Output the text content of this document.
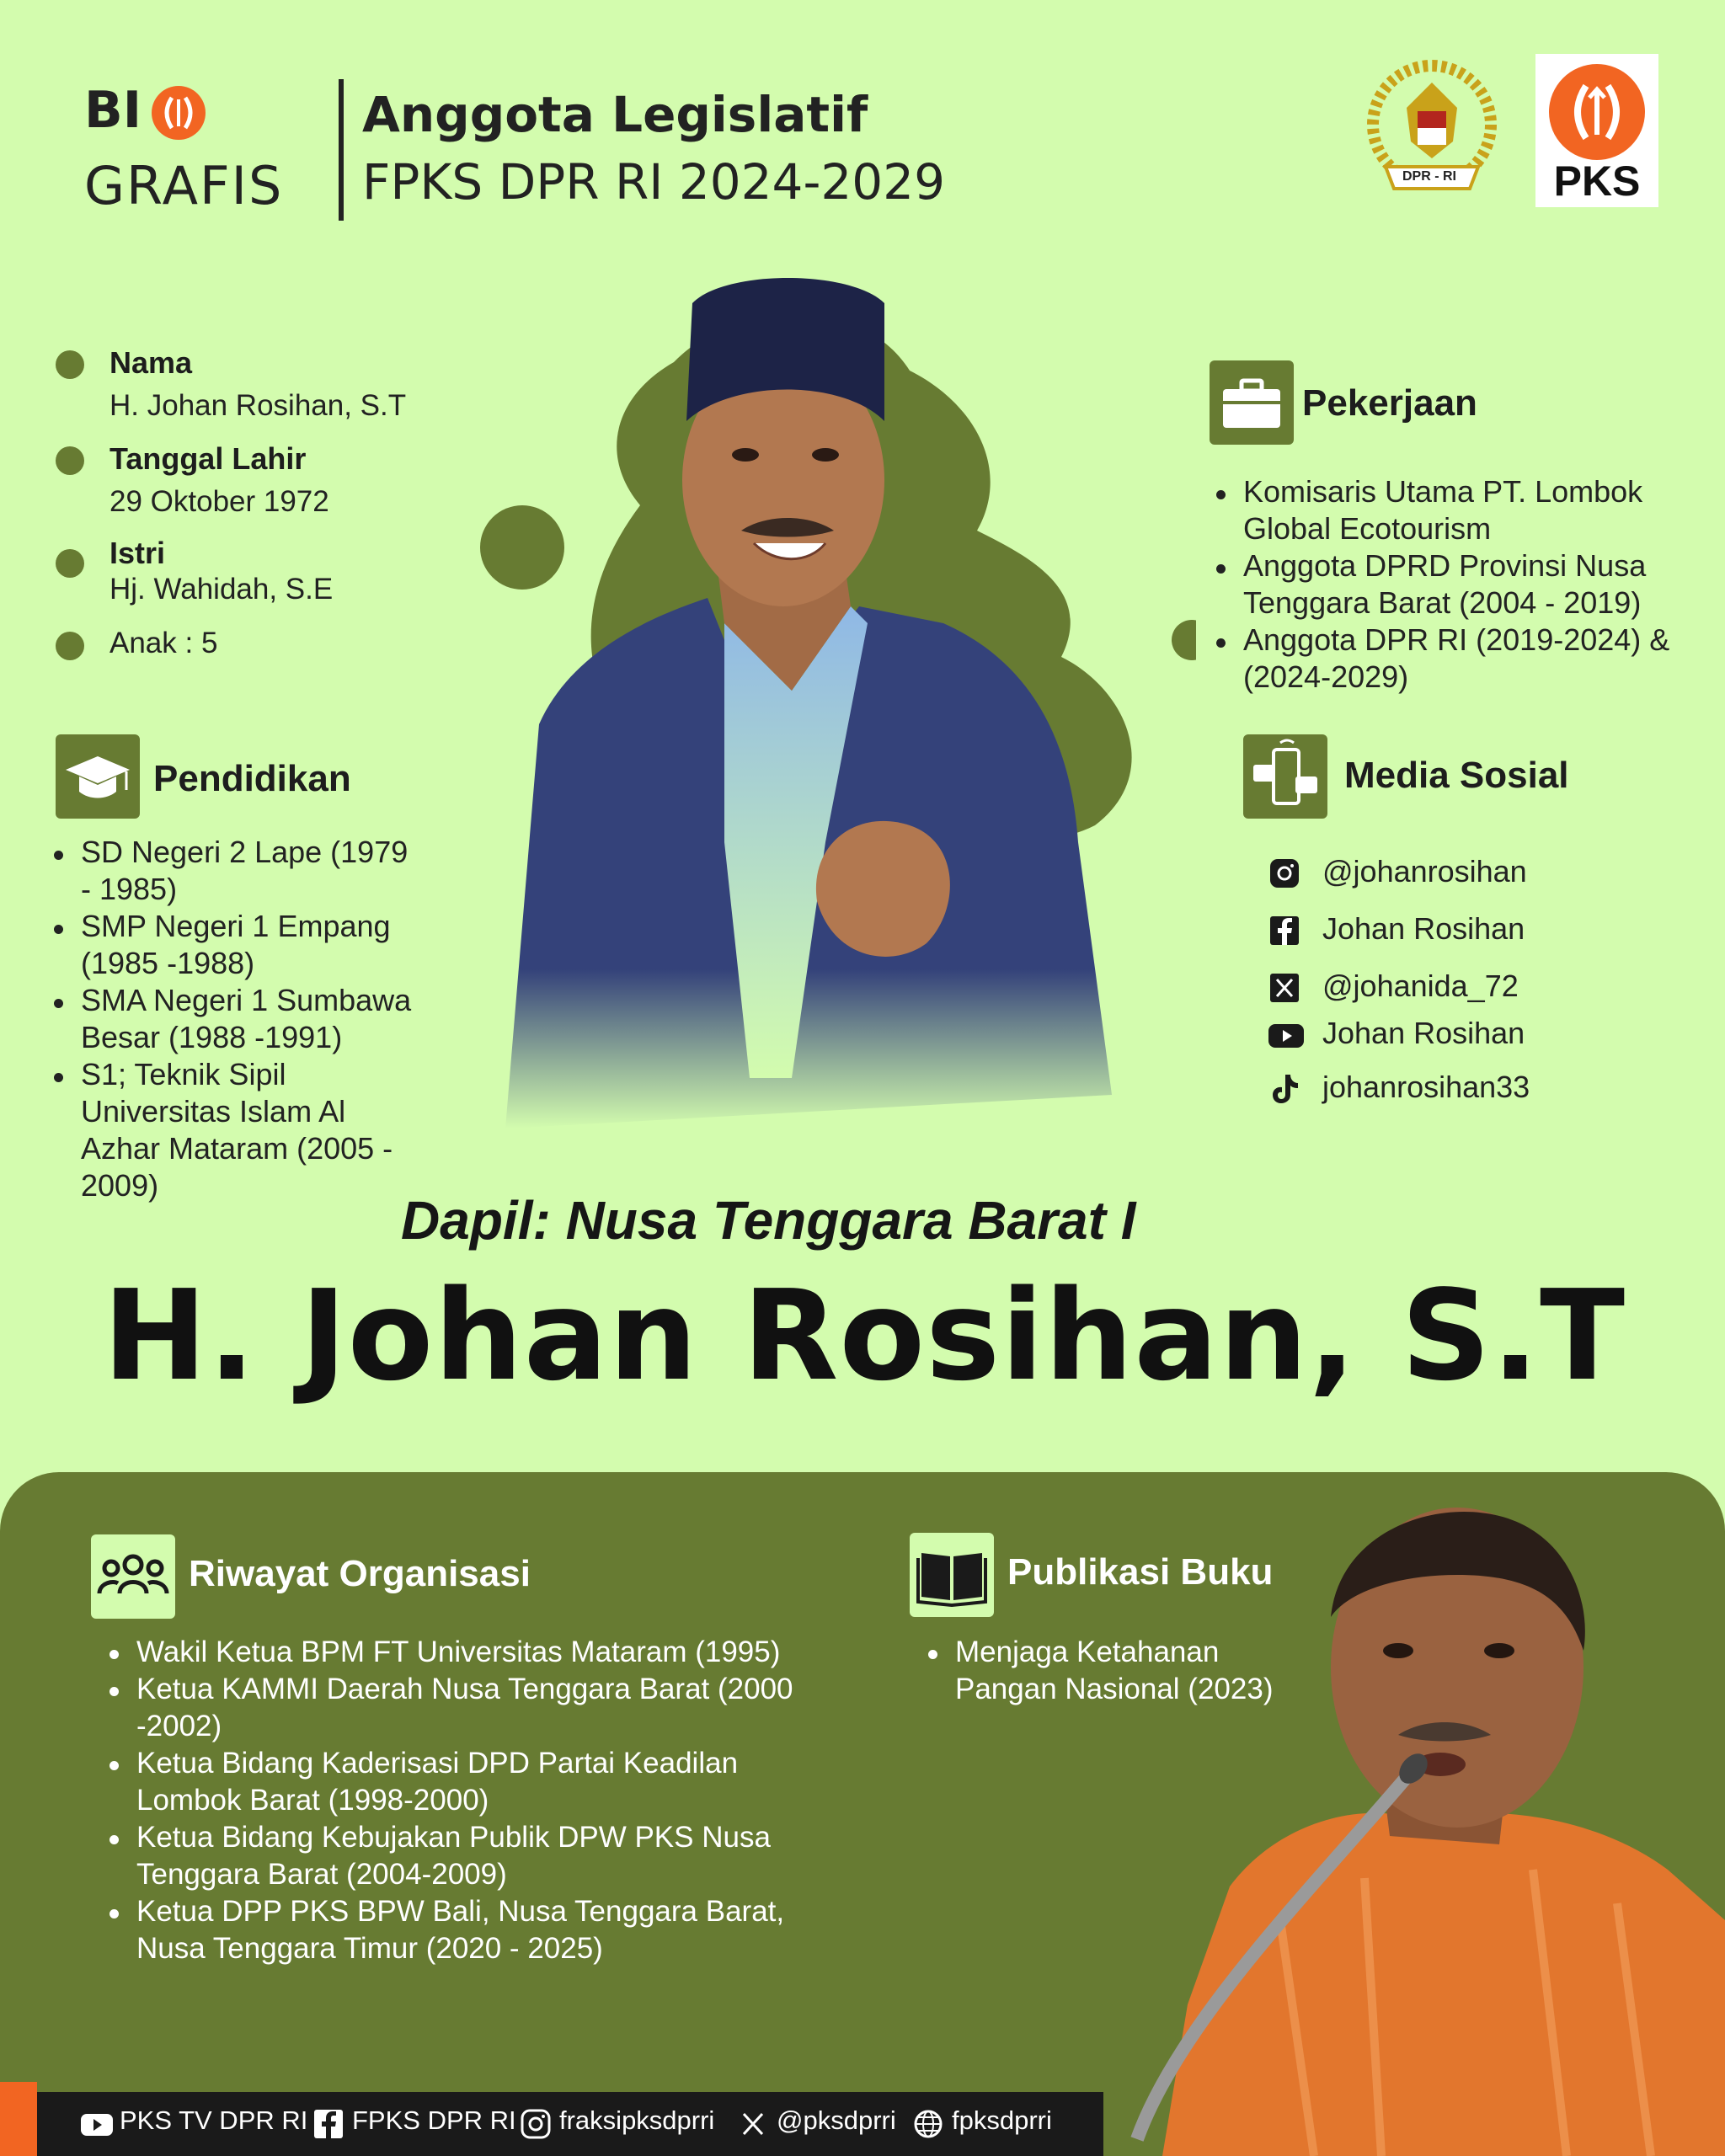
BI
GRAFIS
Anggota Legislatif
FPKS DPR RI 2024-2029	DPR - RI	PKS
Nama
H. Johan Rosihan, S.T
Tanggal Lahir
29 Oktober 1972
Istri
Hj. Wahidah, S.E
Anak : 5
Pendidikan
SD Negeri 2 Lape (1979 - 1985)
SMP Negeri 1 Empang (1985 -1988)
SMA Negeri 1 Sumbawa Besar (1988 -1991)
S1; Teknik Sipil Universitas Islam Al Azhar Mataram (2005 - 2009)
Pekerjaan
Komisaris Utama PT. Lombok Global Ecotourism
Anggota DPRD Provinsi Nusa Tenggara Barat (2004 - 2019)
Anggota DPR RI (2019-2024) & (2024-2029)
Media Sosial
@johanrosihan
Johan Rosihan
@johanida_72
Johan Rosihan
johanrosihan33
Dapil: Nusa Tenggara Barat I
H. Johan Rosihan, S.T
Riwayat Organisasi
Wakil Ketua BPM FT Universitas Mataram (1995)
Ketua KAMMI Daerah Nusa Tenggara Barat (2000 -2002)
Ketua Bidang Kaderisasi DPD Partai Keadilan Lombok Barat (1998-2000)
Ketua Bidang Kebujakan Publik DPW PKS Nusa Tenggara Barat (2004-2009)
Ketua DPP PKS BPW Bali, Nusa Tenggara Barat, Nusa Tenggara Timur (2020 - 2025)
Publikasi Buku
Menjaga Ketahanan Pangan Nasional (2023)
PKS TV DPR RI FPKS DPR RI fraksipksdprri @pksdprri fpksdprri
